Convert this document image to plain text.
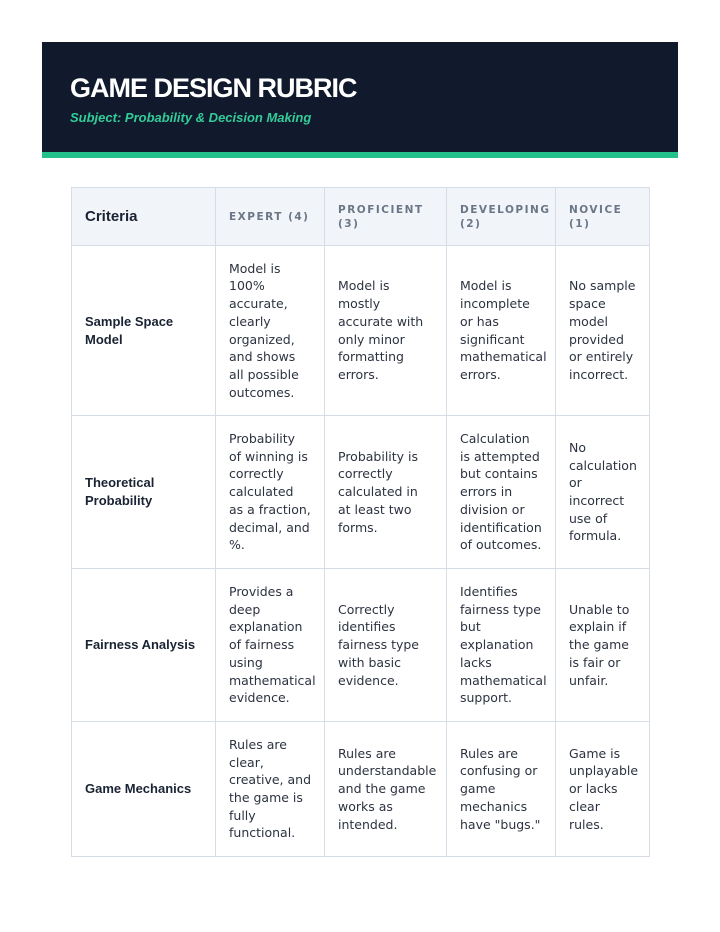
GAME DESIGN RUBRIC
Subject: Probability & Decision Making
Criteria	EXPERT (4)	PROFICIENT (3)	DEVELOPING (2)	NOVICE (1)
Sample Space Model	Model is 100% accurate, clearly organized, and shows all possible outcomes.	Model is mostly accurate with only minor formatting errors.	Model is incomplete or has significant mathematical errors.	No sample space model provided or entirely incorrect.
Theoretical Probability	Probability of winning is correctly calculated as a fraction, decimal, and %.	Probability is correctly calculated in at least two forms.	Calculation is attempted but contains errors in division or identification of outcomes.	No calculation or incorrect use of formula.
Fairness Analysis	Provides a deep explanation of fairness using mathematical evidence.	Correctly identifies fairness type with basic evidence.	Identifies fairness type but explanation lacks mathematical support.	Unable to explain if the game is fair or unfair.
Game Mechanics	Rules are clear, creative, and the game is fully functional.	Rules are understandable and the game works as intended.	Rules are confusing or game mechanics have "bugs."	Game is unplayable or lacks clear rules.
